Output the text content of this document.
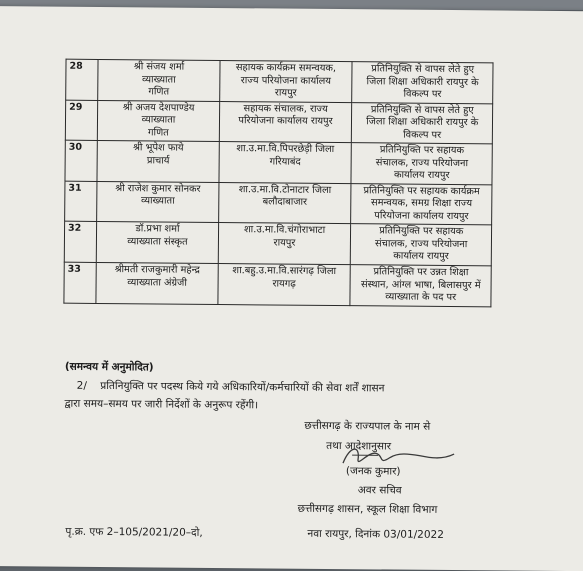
28	श्री संजय शर्मा
व्याख्याता
गणित	सहायक कार्यक्रम समन्वयक,
राज्य परियोजना कार्यालय
रायपुर	प्रतिनियुक्ति से वापस लेते हुए
जिला शिक्षा अधिकारी रायपुर के
विकल्प पर

29	श्री अजय देशपाण्डेय
व्याख्याता
गणित	सहायक संचालक, राज्य
परियोजना कार्यालय रायपुर	प्रतिनियुक्ति से वापस लेते हुए
जिला शिक्षा अधिकारी रायपुर के
विकल्प पर

30	श्री भूपेश फाये
प्राचार्य	शा.उ.मा.वि.पिपरछेड़ी जिला
गरियाबंद	प्रतिनियुक्ति पर सहायक
संचालक, राज्य परियोजना
कार्यालय रायपुर

31	श्री राजेश कुमार सोनकर
व्याख्याता	शा.उ.मा.वि.टोनाटार जिला
बलौदाबाजार	प्रतिनियुक्ति पर सहायक कार्यक्रम
समन्वयक, समग्र शिक्षा राज्य
परियोजना कार्यालय रायपुर

32	डॉ.प्रभा शर्मा
व्याख्याता संस्कृत	शा.उ.मा.वि.चंगोराभाटा
रायपुर	प्रतिनियुक्ति पर सहायक
संचालक, राज्य परियोजना
कार्यालय रायपुर

33	श्रीमती राजकुमारी महेन्द्र
व्याख्याता अंग्रेजी	शा.बहु.उ.मा.वि.सारंगढ़ जिला
रायगढ़	प्रतिनियुक्ति पर उन्नत शिक्षा
संस्थान, आंग्ल भाषा, बिलासपुर में
व्याख्याता के पद पर
(समन्वय में अनुमोदित)
2/    प्रतिनियुक्ति पर पदस्थ किये गये अधिकारियों/कर्मचारियों की सेवा शर्तें शासन
द्वारा समय–समय पर जारी निर्देशों के अनुरूप रहेंगी।
छत्तीसगढ़ के राज्यपाल के नाम से
तथा आदेशानुसार
(जनक कुमार)
अवर सचिव
छत्तीसगढ़ शासन, स्कूल शिक्षा विभाग
पृ.क्र. एफ 2–105/2021/20–दो,	नवा रायपुर, दिनांक 03/01/2022
